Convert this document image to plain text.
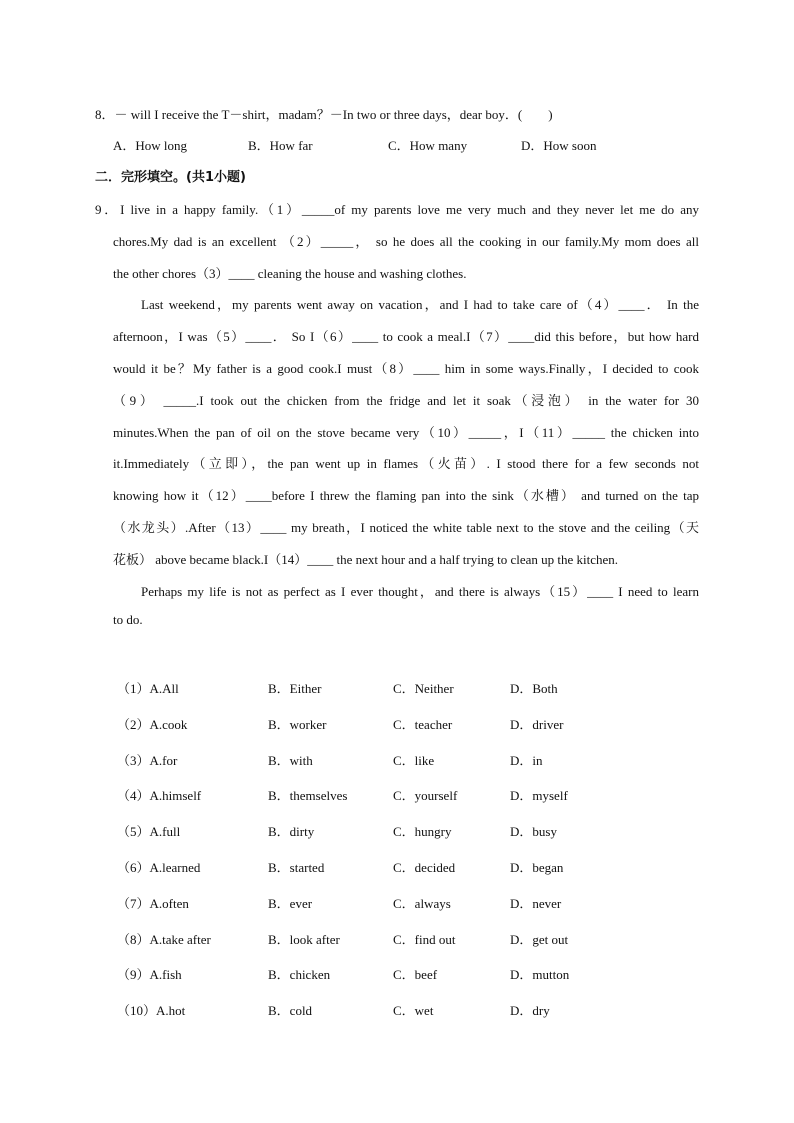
8．－ will I receive the T－shirt，madam？－In two or three days，dear boy．(　　)
A．How long	B．How far	C．How many	D．How soon
二．完形填空。(共1小题)
9．I live in a happy family.（1）_____of my parents love me very much and they never let me do any
chores.My dad is an excellent （2）_____， so he does all the cooking in our family.My mom does all
the other chores（3）____ cleaning the house and washing clothes.
Last weekend，my parents went away on vacation，and I had to take care of（4）____． In the
afternoon，I was（5）____． So I（6）____ to cook a meal.I（7）____did this before，but how hard
would it be？My father is a good cook.I must（8）____ him in some ways.Finally，I decided to cook
（9） _____.I took out the chicken from the fridge and let it soak（浸泡） in the water for 30
minutes.When the pan of oil on the stove became very（10）_____，I（11）_____ the chicken into
it.Immediately（立即），the pan went up in flames（火苗）. I stood there for a few seconds not
knowing how it（12）____before I threw the flaming pan into the sink（水槽） and turned on the tap
（水龙头）.After（13）____ my breath，I noticed the white table next to the stove and the ceiling（天
花板） above became black.I（14）____ the next hour and a half trying to clean up the kitchen.
Perhaps my life is not as perfect as I ever thought，and there is always（15）____ I need to learn
to do.
（1）A.All	B．Either	C．Neither	D．Both
（2）A.cook	B．worker	C．teacher	D．driver
（3）A.for	B．with	C．like	D．in
（4）A.himself	B．themselves	C．yourself	D．myself
（5）A.full	B．dirty	C．hungry	D．busy
（6）A.learned	B．started	C．decided	D．began
（7）A.often	B．ever	C．always	D．never
（8）A.take after	B．look after	C．find out	D．get out
（9）A.fish	B．chicken	C．beef	D．mutton
（10）A.hot	B．cold	C．wet	D．dry
